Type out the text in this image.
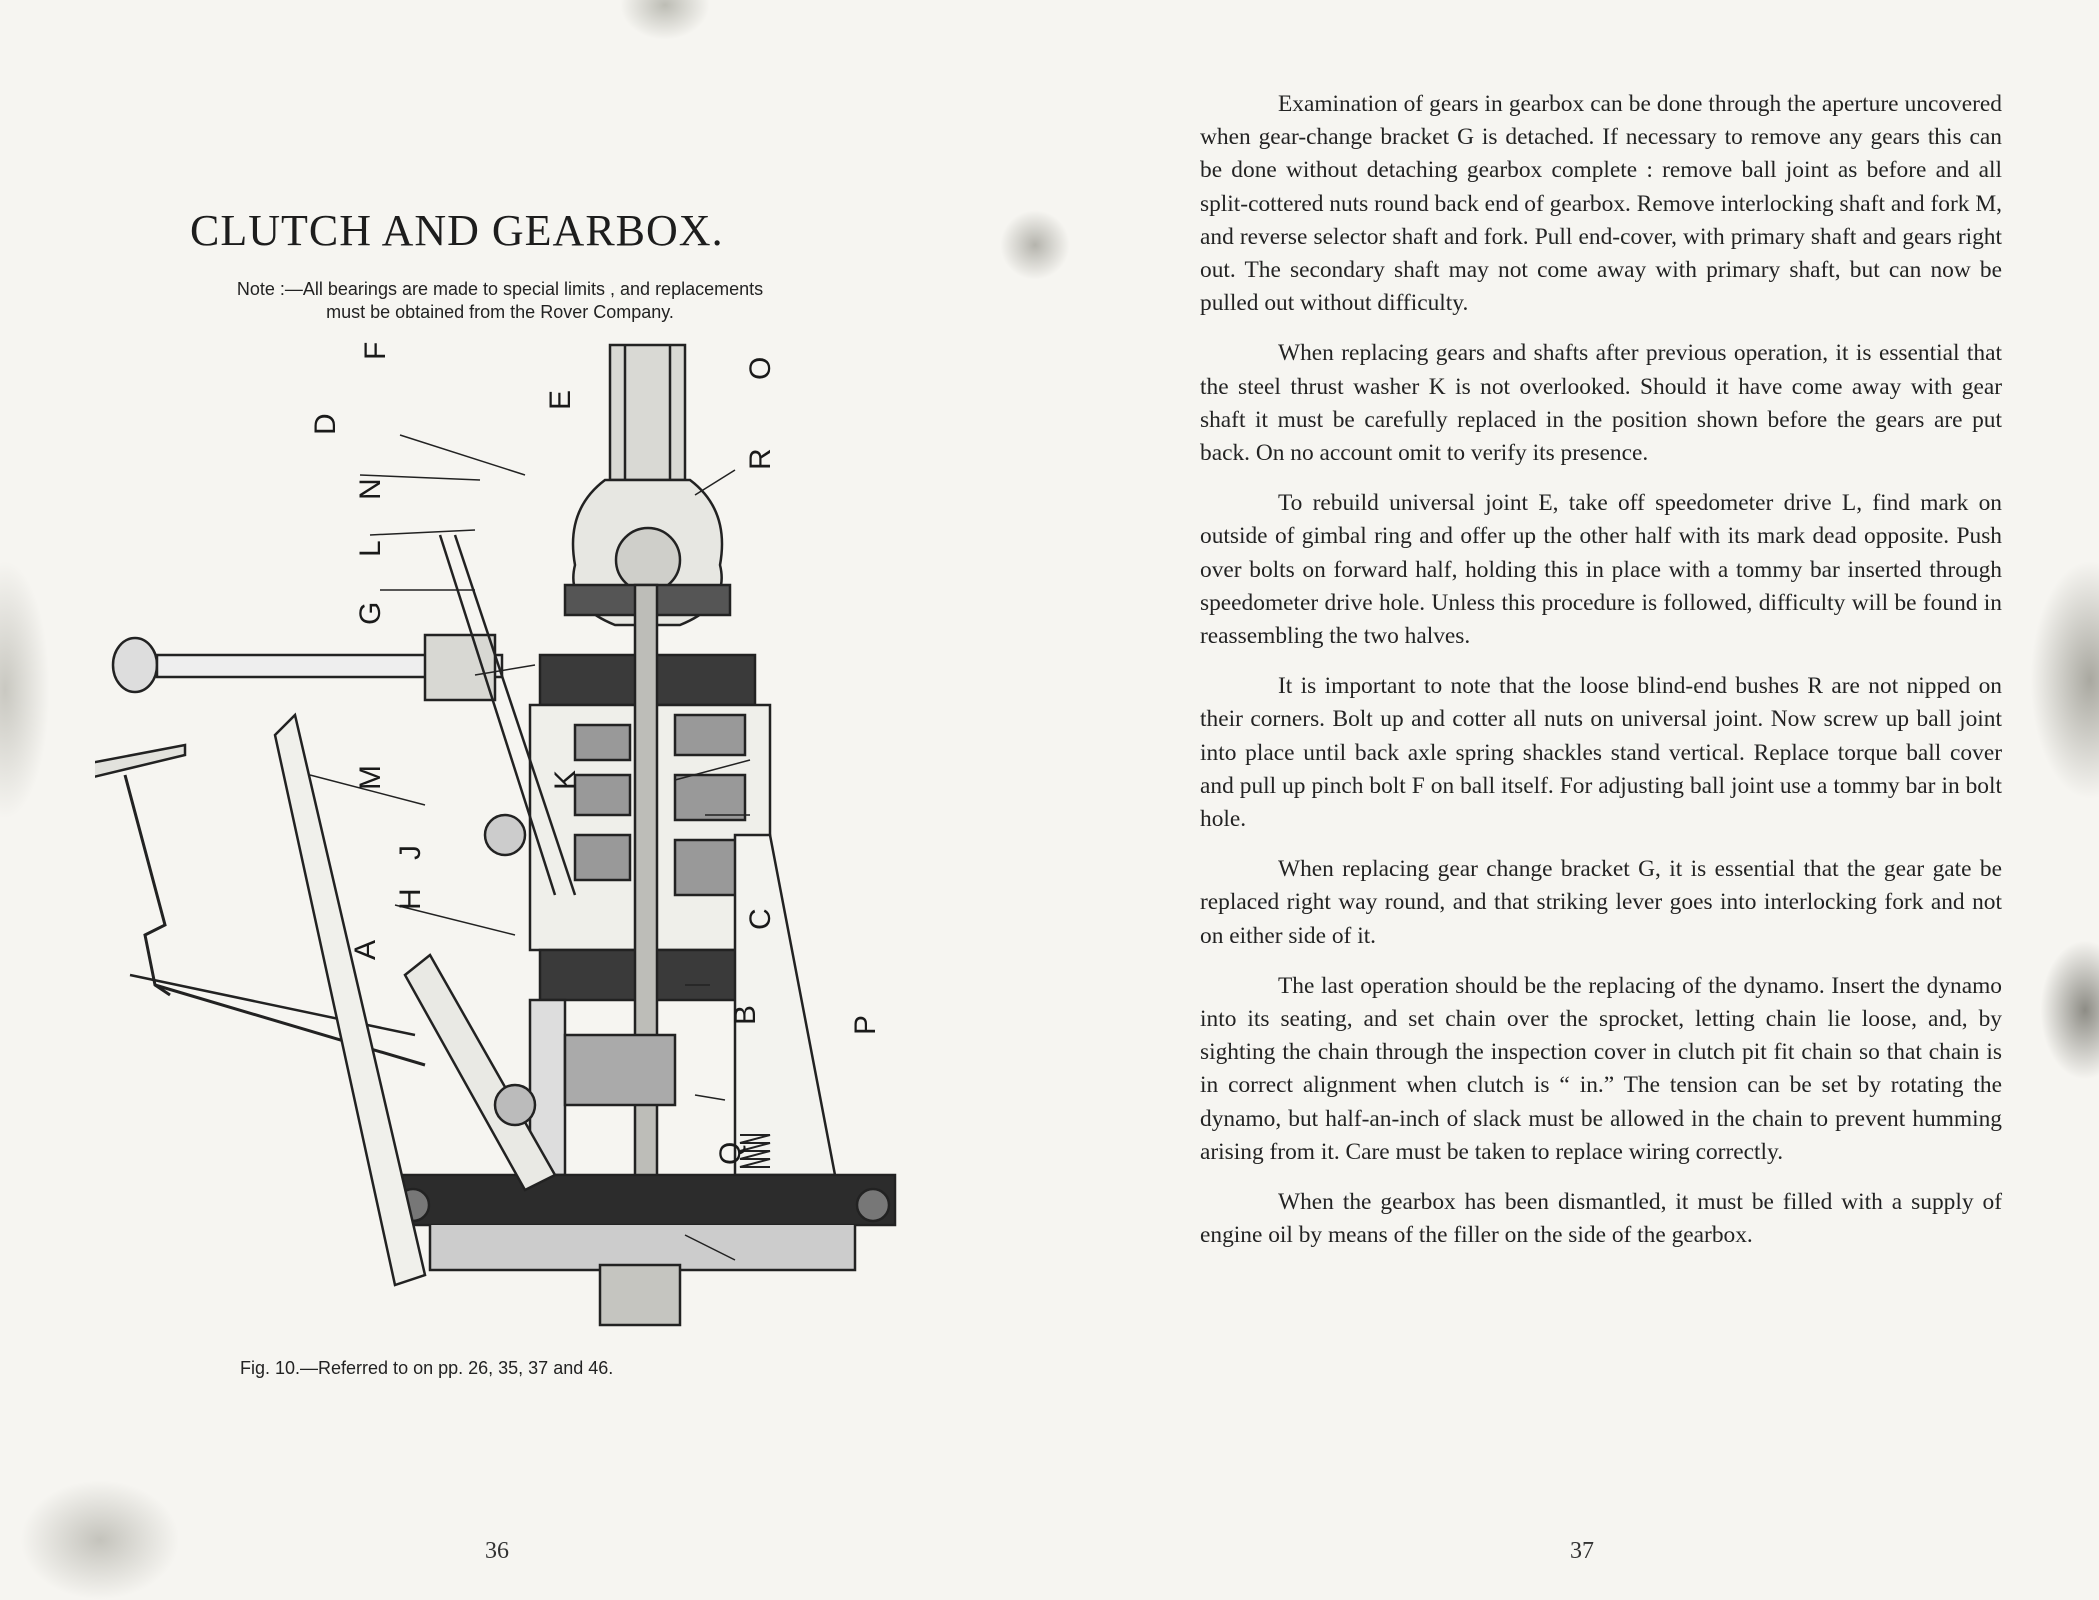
CLUTCH AND GEARBOX.
Note :—All bearings are made to special limits , and replacements
must be obtained from the Rover Company.
F
E
O
D
N
R
L
G
M	K
J
H
A
C
B	P
Q
Fig. 10.—Referred to on pp. 26, 35, 37 and 46.
36

Examination of gears in gearbox can be done through the aperture uncovered when gear-change bracket G is detached. If necessary to remove any gears this can be done without detaching gearbox complete : remove ball joint as before and all split-cottered nuts round back end of gearbox. Remove interlocking shaft and fork M, and reverse selector shaft and fork. Pull end-cover, with primary shaft and gears right out. The secondary shaft may not come away with primary shaft, but can now be pulled out without difficulty.

When replacing gears and shafts after previous operation, it is essential that the steel thrust washer K is not overlooked. Should it have come away with gear shaft it must be carefully replaced in the position shown before the gears are put back. On no account omit to verify its presence.

To rebuild universal joint E, take off speedometer drive L, find mark on outside of gimbal ring and offer up the other half with its mark dead opposite. Push over bolts on forward half, holding this in place with a tommy bar inserted through speedometer drive hole. Unless this procedure is followed, difficulty will be found in reassembling the two halves.

It is important to note that the loose blind-end bushes R are not nipped on their corners. Bolt up and cotter all nuts on universal joint. Now screw up ball joint into place until back axle spring shackles stand vertical. Replace torque ball cover and pull up pinch bolt F on ball itself. For adjusting ball joint use a tommy bar in bolt hole.

When replacing gear change bracket G, it is essential that the gear gate be replaced right way round, and that striking lever goes into interlocking fork and not on either side of it.

The last operation should be the replacing of the dynamo. Insert the dynamo into its seating, and set chain over the sprocket, letting chain lie loose, and, by sighting the chain through the inspection cover in clutch pit fit chain so that chain is in correct alignment when clutch is “ in.” The tension can be set by rotating the dynamo, but half-an-inch of slack must be allowed in the chain to prevent humming arising from it. Care must be taken to replace wiring correctly.

When the gearbox has been dismantled, it must be filled with a supply of engine oil by means of the filler on the side of the gearbox.

37
